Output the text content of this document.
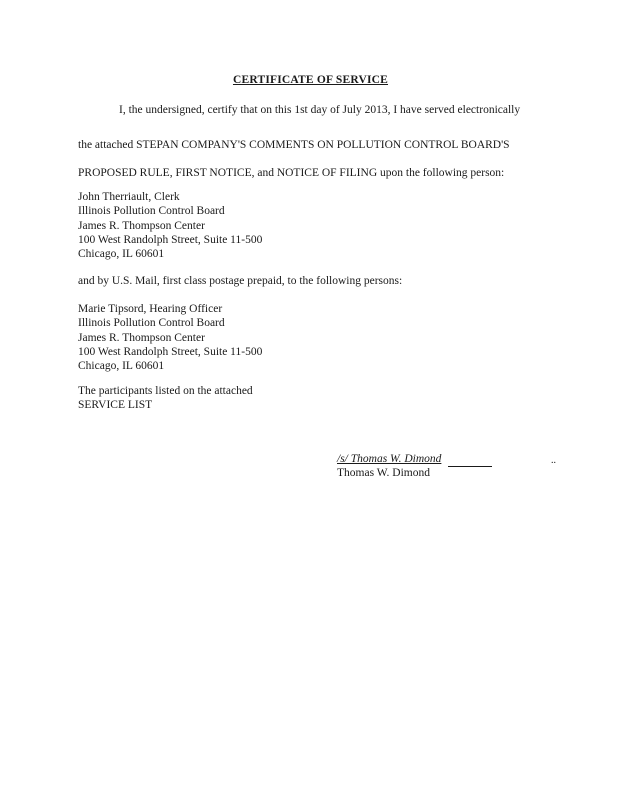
CERTIFICATE OF SERVICE
I, the undersigned, certify that on this 1st day of July 2013, I have served electronically
the attached STEPAN COMPANY'S COMMENTS ON POLLUTION CONTROL BOARD'S
PROPOSED RULE, FIRST NOTICE, and NOTICE OF FILING upon the following person:
John Therriault, Clerk
Illinois Pollution Control Board
James R. Thompson Center
100 West Randolph Street, Suite 11-500
Chicago, IL 60601
and by U.S. Mail, first class postage prepaid, to the following persons:
Marie Tipsord, Hearing Officer
Illinois Pollution Control Board
James R. Thompson Center
100 West Randolph Street, Suite 11-500
Chicago, IL 60601
The participants listed on the attached
SERVICE LIST
/s/ Thomas W. Dimond	..
Thomas W. Dimond
